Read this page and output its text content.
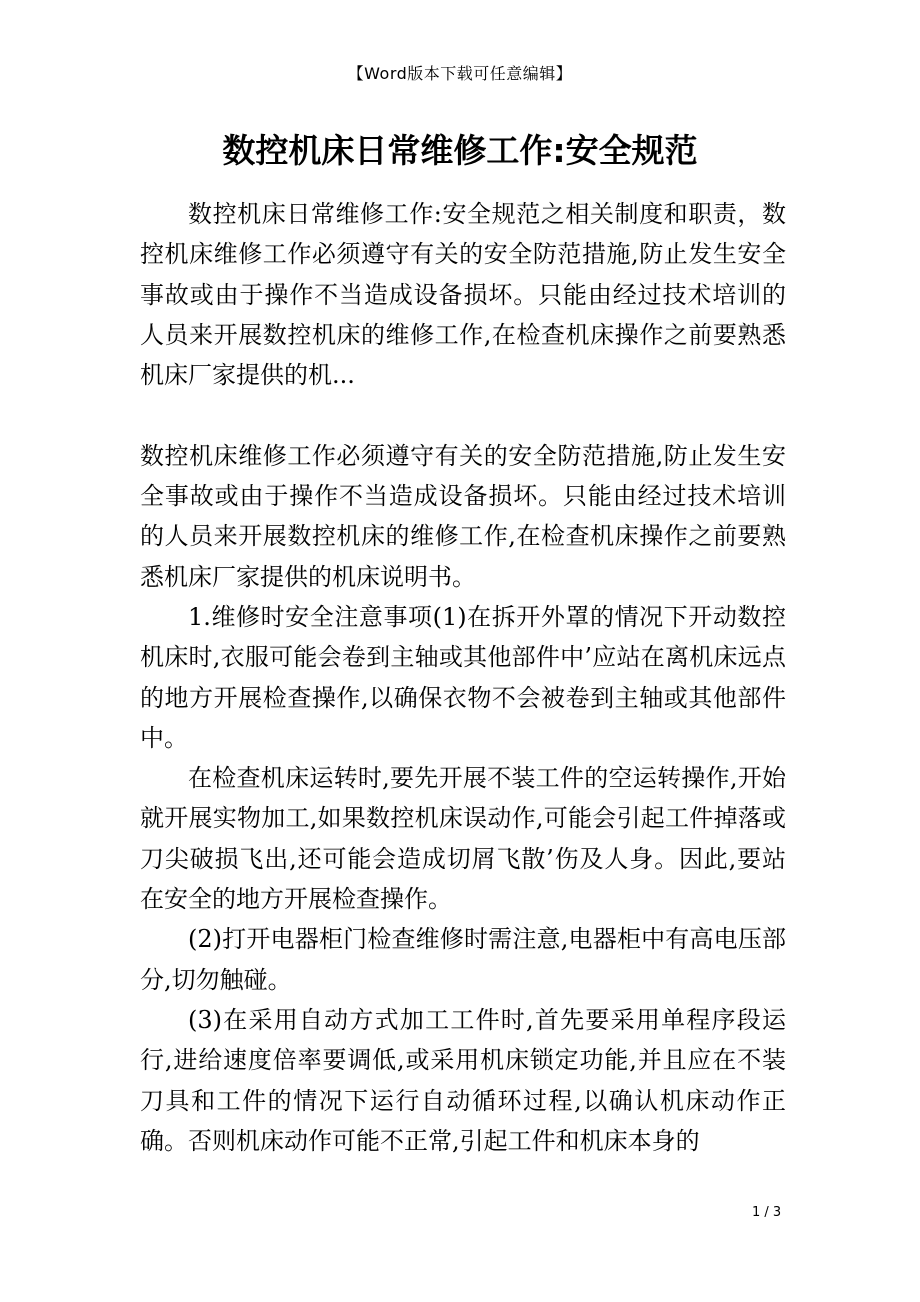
【Word版本下载可任意编辑】
数控机床日常维修工作:安全规范

数控机床日常维修工作:安全规范之相关制度和职责，数控机床维修工作必须遵守有关的安全防范措施,防止发生安全事故或由于操作不当造成设备损坏。只能由经过技术培训的人员来开展数控机床的维修工作,在检查机床操作之前要熟悉机床厂家提供的机...

数控机床维修工作必须遵守有关的安全防范措施,防止发生安全事故或由于操作不当造成设备损坏。只能由经过技术培训的人员来开展数控机床的维修工作,在检查机床操作之前要熟悉机床厂家提供的机床说明书。

1.维修时安全注意事项(1)在拆开外罩的情况下开动数控机床时,衣服可能会卷到主轴或其他部件中’应站在离机床远点的地方开展检查操作,以确保衣物不会被卷到主轴或其他部件中。

在检查机床运转时,要先开展不装工件的空运转操作,开始就开展实物加工,如果数控机床误动作,可能会引起工件掉落或刀尖破损飞出,还可能会造成切屑飞散’伤及人身。因此,要站在安全的地方开展检查操作。

(2)打开电器柜门检查维修时需注意,电器柜中有高电压部分,切勿触碰。

(3)在采用自动方式加工工件时,首先要采用单程序段运行,进给速度倍率要调低,或采用机床锁定功能,并且应在不装刀具和工件的情况下运行自动循环过程,以确认机床动作正确。否则机床动作可能不正常,引起工件和机床本身的

1 / 3
